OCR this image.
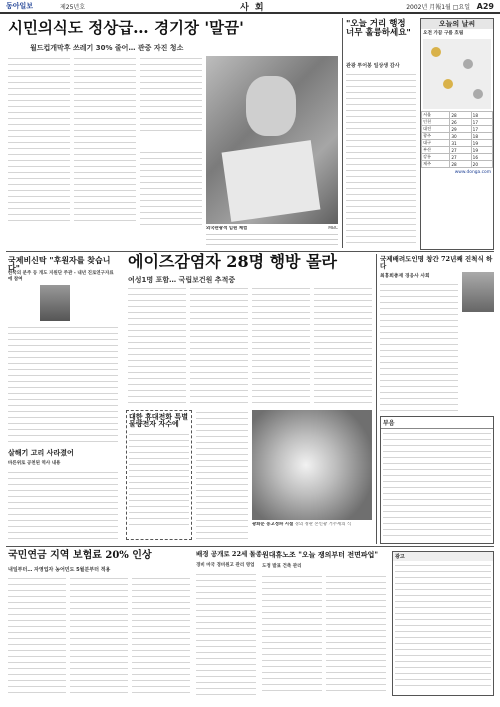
동아일보	제25년호	사회	2002년 月報1월 □요일 A29
시민의식도 정상급… 경기장 '말끔'
월드컵개막후 쓰레기 30% 줄어… 관중 자진 청소
외국관광객 임원 체험	MBC
"오늘 거리 행정 너무 훌륭하세요"
관광 투어봉 일상생 감사
오늘의 날씨
오전 가끔 구름 흐림
서울	28	18
인천	26	17
대전	29	17
광주	30	18
대구	31	19
부산	27	19
강릉	27	16
제주	28	20
www.donga.com
국제비신탁 "후원자를 찾습니다"
한국의 분주 등 개도 지원단 주관 - 내년 진로연구자료에 참여
살해기 고리 사라졌어
바른위로 공천된 역사 내용
에이즈감염자 28명 행방 몰라
여성1명 포함… 국립보건원 추적중
대한 휴대전화 특별 물량전자 자수에
광화문 동고정파 시설 경의 정관 본인광 거주세의 식
국제배려도인명 창간 72년째 진척식 하다
최홍희총재 경웅사 사회
부음
국민연금 지역 보험료 20% 인상
내일부터… 자영업자 농어민도 5월분부터 적용
배경 공개로 22세 돌종
경비 마국 경비원고 관리 영업
원대휴노조 "오늘 쟁의부터 전면파업"
도정 발표 건축 관리
광고
